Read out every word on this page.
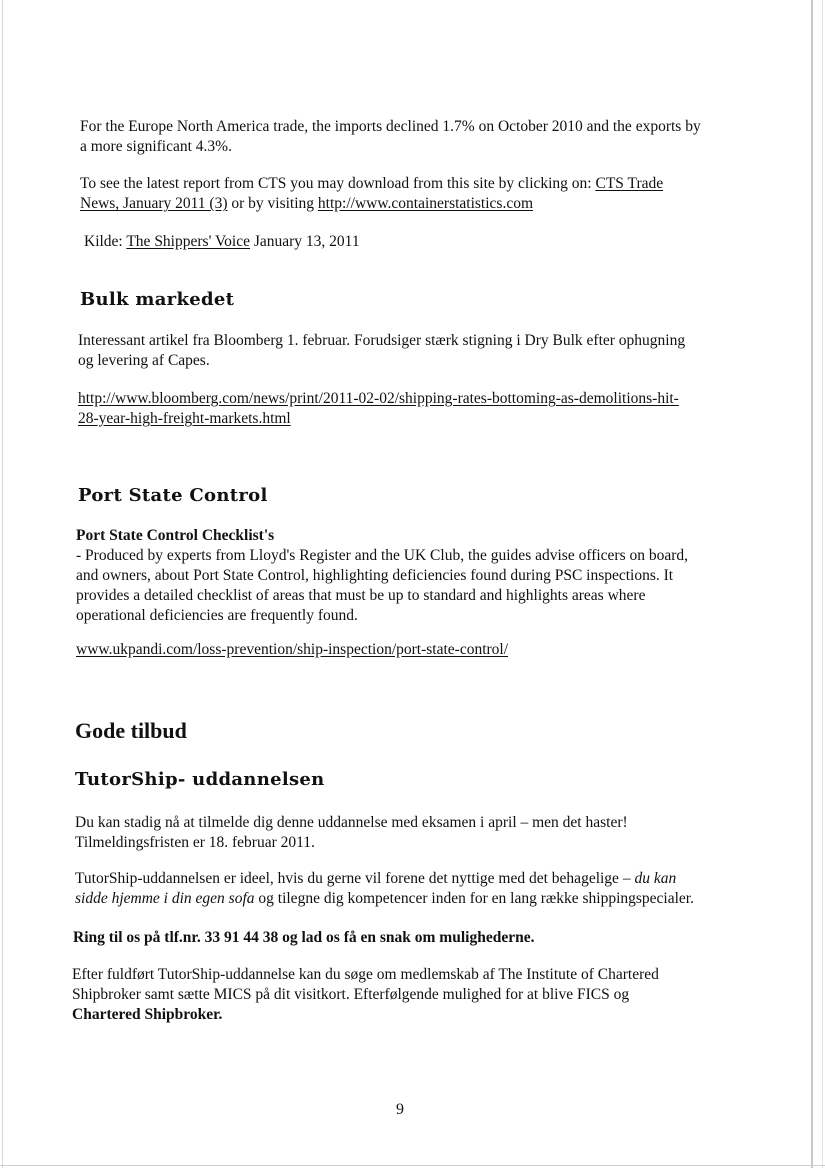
For the Europe North America trade, the imports declined 1.7% on October 2010 and the exports by
a more significant 4.3%.
To see the latest report from CTS you may download from this site by clicking on: CTS Trade
News, January 2011 (3) or by visiting http://www.containerstatistics.com
Kilde: The Shippers' Voice January 13, 2011
Bulk markedet
Interessant artikel fra Bloomberg 1. februar. Forudsiger stærk stigning i Dry Bulk efter ophugning
og levering af Capes.
http://www.bloomberg.com/news/print/2011-02-02/shipping-rates-bottoming-as-demolitions-hit-
28-year-high-freight-markets.html
Port State Control
Port State Control Checklist's
- Produced by experts from Lloyd's Register and the UK Club, the guides advise officers on board,
and owners, about Port State Control, highlighting deficiencies found during PSC inspections. It
provides a detailed checklist of areas that must be up to standard and highlights areas where
operational deficiencies are frequently found.
www.ukpandi.com/loss-prevention/ship-inspection/port-state-control/
Gode tilbud
TutorShip- uddannelsen
Du kan stadig nå at tilmelde dig denne uddannelse med eksamen i april – men det haster!
Tilmeldingsfristen er 18. februar 2011.
TutorShip-uddannelsen er ideel, hvis du gerne vil forene det nyttige med det behagelige – du kan
sidde hjemme i din egen sofa og tilegne dig kompetencer inden for en lang række shippingspecialer.
Ring til os på tlf.nr. 33 91 44 38 og lad os få en snak om mulighederne.
Efter fuldført TutorShip-uddannelse kan du søge om medlemskab af The Institute of Chartered
Shipbroker samt sætte MICS på dit visitkort. Efterfølgende mulighed for at blive FICS og
Chartered Shipbroker.
9
